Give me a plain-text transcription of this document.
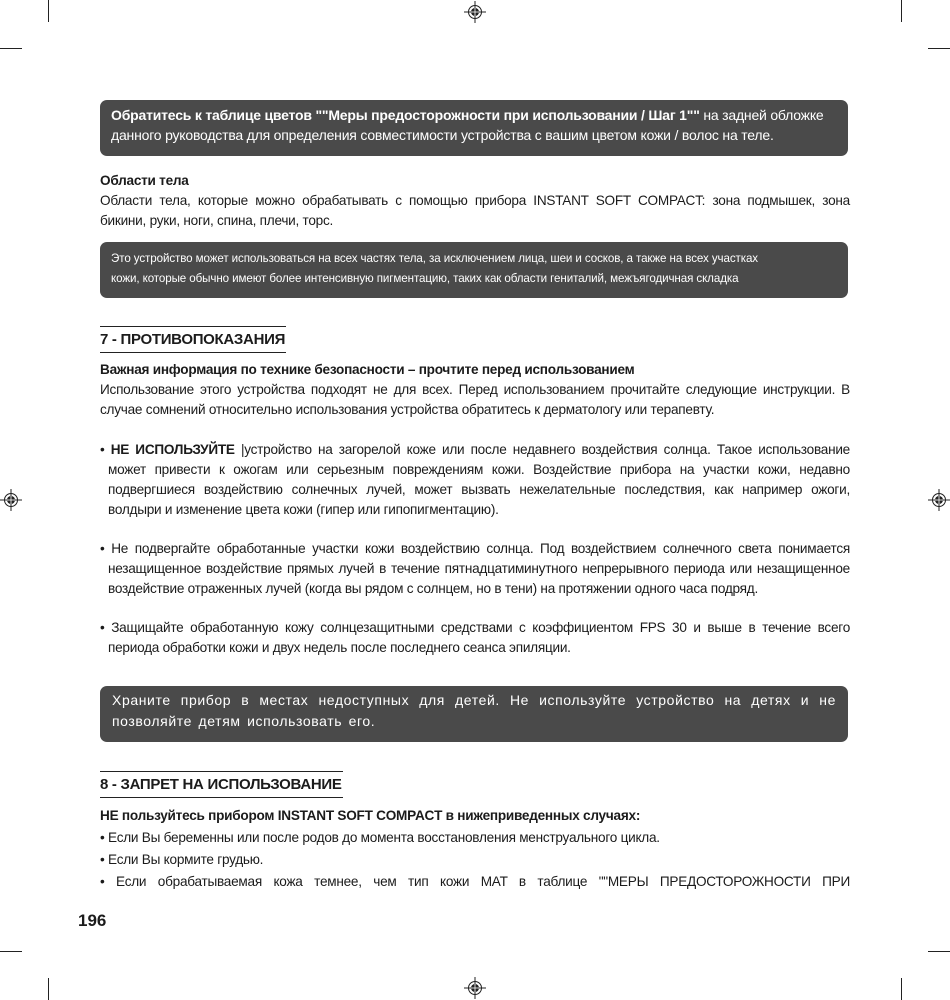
Обратитесь к таблице цветов ""Меры предосторожности при использовании / Шаг 1"" на задней обложке
данного руководства для определения совместимости устройства с вашим цветом кожи / волос на теле.
Области тела
Области тела, которые можно обрабатывать с помощью прибора INSTANT SOFT COMPACT: зона подмышек, зона бикини, руки, ноги, спина, плечи, торс.
Это устройство может использоваться на всех частях тела, за исключением лица, шеи и сосков, а также на всех участках
кожи, которые обычно имеют более интенсивную пигментацию, таких как области гениталий, межъягодичная складка
7 - ПРОТИВОПОКАЗАНИЯ
Важная информация по технике безопасности – прочтите перед использованием
Использование этого устройства подходят не для всех. Перед использованием прочитайте следующие инструкции. В случае сомнений относительно использования устройства обратитесь к дерматологу или терапевту.

• НЕ ИСПОЛЬЗУЙТЕ |устройство на загорелой коже или после недавнего воздействия солнца. Такое использование может привести к ожогам или серьезным повреждениям кожи. Воздействие прибора на участки кожи, недавно подвергшиеся воздействию солнечных лучей, может вызвать нежелательные последствия, как например ожоги, волдыри и изменение цвета кожи (гипер или гипопигментацию).

• Не подвергайте обработанные участки кожи воздействию солнца. Под воздействием солнечного света понимается незащищенное воздействие прямых лучей в течение пятнадцатиминутного непрерывного периода или незащищенное воздействие отраженных лучей (когда вы рядом с солнцем, но в тени) на протяжении одного часа подряд.

• Защищайте обработанную кожу солнцезащитными средствами с коэффициентом FPS 30 и выше в течение всего периода обработки кожи и двух недель после последнего сеанса эпиляции.

Храните прибор в местах недоступных для детей. Не используйте устройство на детях и не позволяйте детям использовать его.
8 - ЗАПРЕТ НА ИСПОЛЬЗОВАНИЕ
НЕ пользуйтесь прибором INSTANT SOFT COMPACT в нижеприведенных случаях:
• Если Вы беременны или после родов до момента восстановления менструального цикла.
• Если Вы кормите грудью.
• Если обрабатываемая кожа темнее, чем тип кожи MAT в таблице ""МЕРЫ ПРЕДОСТОРОЖНОСТИ ПРИ
196
